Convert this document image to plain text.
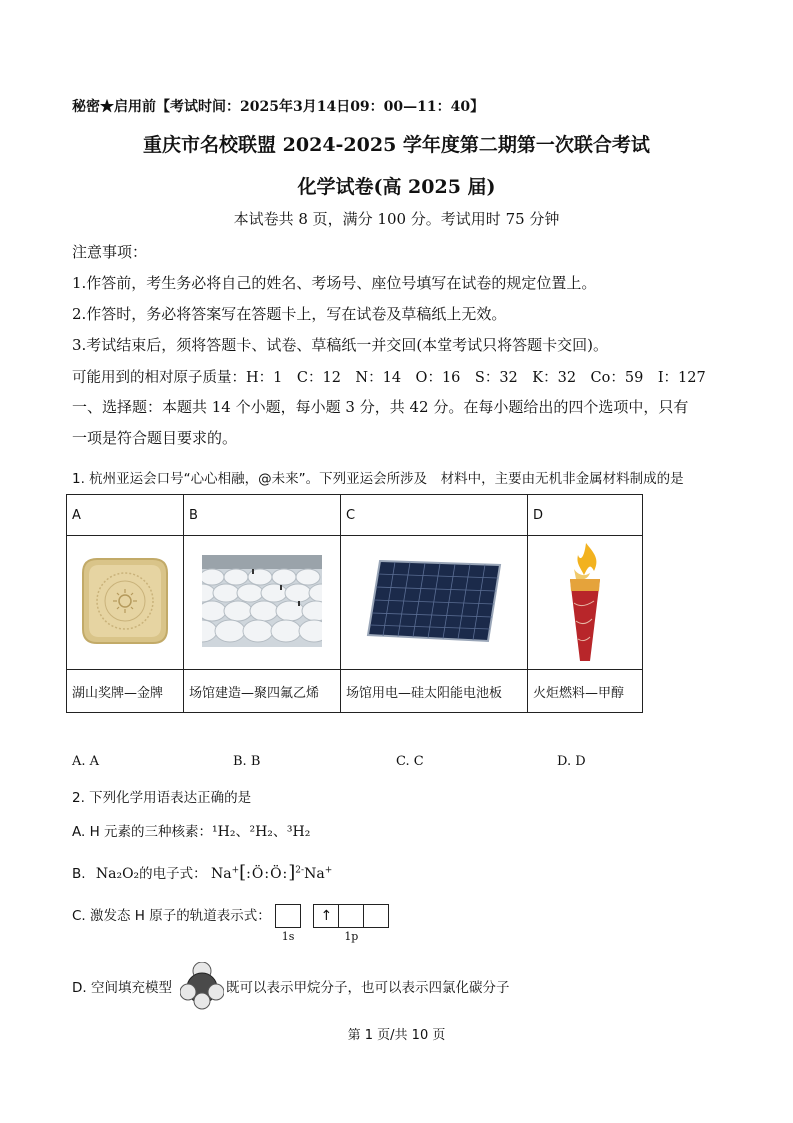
秘密★启用前【考试时间：2025年3月14日09：00—11：40】
重庆市名校联盟 2024-2025 学年度第二期第一次联合考试
化学试卷(高 2025 届)
本试卷共 8 页，满分 100 分。考试用时 75 分钟
注意事项：
1.作答前，考生务必将自己的姓名、考场号、座位号填写在试卷的规定位置上。
2.作答时，务必将答案写在答题卡上，写在试卷及草稿纸上无效。
3.考试结束后，须将答题卡、试卷、草稿纸一并交回(本堂考试只将答题卡交回)。
可能用到的相对原子质量：H：1　C：12　N：14　O：16　S：32　K：32　Co：59　I：127
一、选择题：本题共 14 个小题，每小题 3 分，共 42 分。在每小题给出的四个选项中，只有
一项是符合题目要求的。
1. 杭州亚运会口号“心心相融，@未来”。下列亚运会所涉及　材料中，主要由无机非金属材料制成的是
A	B	C	D

湖山奖牌—金牌	场馆建造—聚四氟乙烯	场馆用电—硅太阳能电池板	火炬燃料—甲醇
A. A	B. B	C. C	D. D
2. 下列化学用语表达正确的是
A. H 元素的三种核素：¹H₂、²H₂、³H₂
B. Na₂O₂的电子式： Na+[:Ö:Ö:]$^{2-}$Na+
C. 激发态 H 原子的轨道表示式：
1s ↑
1p
D. 空间填充模型	既可以表示甲烷分子，也可以表示四氯化碳分子
第 1 页/共 10 页
